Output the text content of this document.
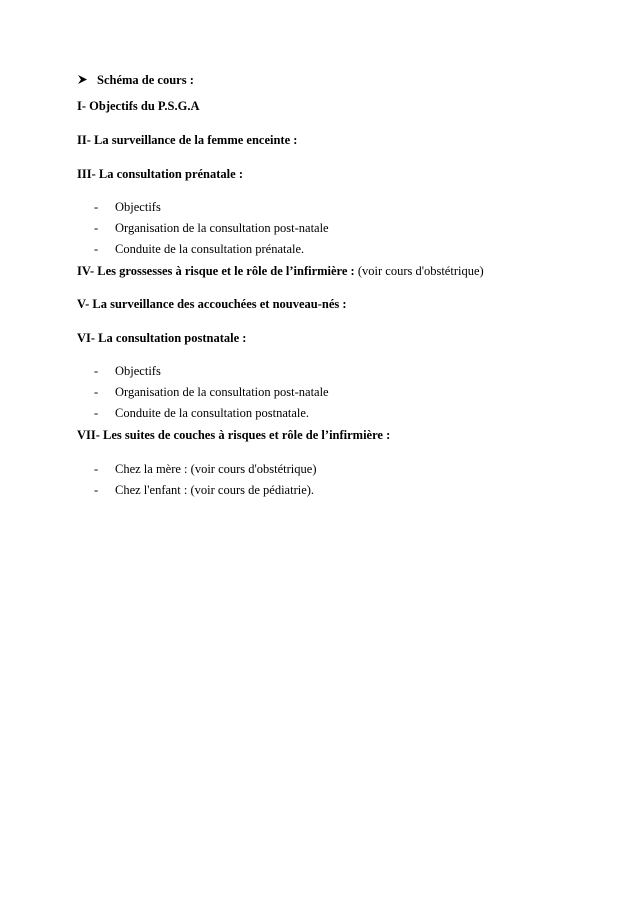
Schéma de cours :
I- Objectifs du P.S.G.A
II- La surveillance de la femme enceinte :
III- La consultation prénatale :
- Objectifs
- Organisation de la consultation post-natale
- Conduite de la consultation prénatale.
IV- Les grossesses à risque et le rôle de l’infirmière : (voir cours d'obstétrique)
V- La surveillance des accouchées et nouveau-nés :
VI- La consultation postnatale :
- Objectifs
- Organisation de la consultation post-natale
- Conduite de la consultation postnatale.
VII- Les suites de couches à risques et rôle de l’infirmière :
- Chez la mère : (voir cours d'obstétrique)
- Chez l'enfant : (voir cours de pédiatrie).
